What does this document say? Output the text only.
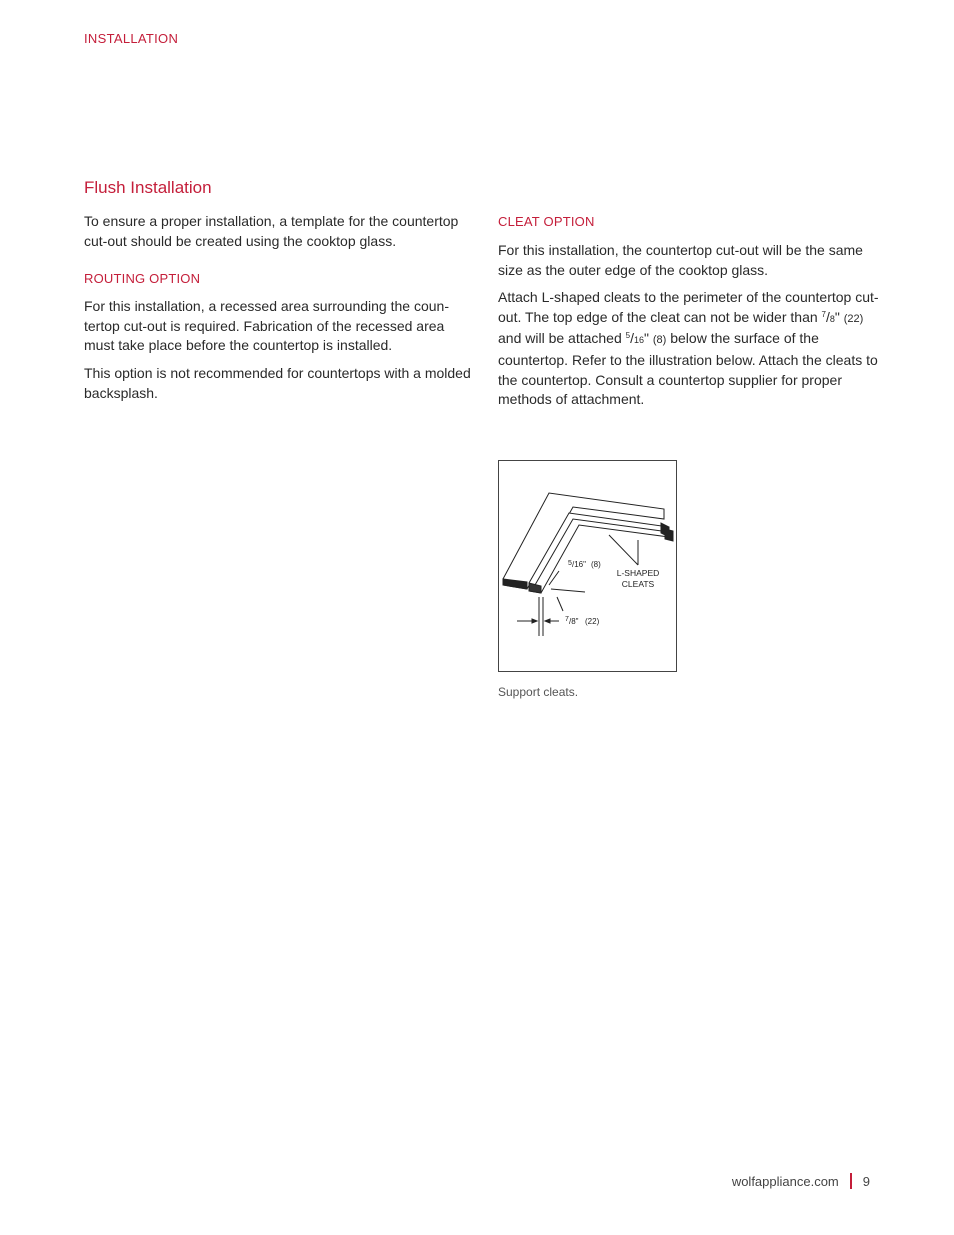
INSTALLATION
Flush Installation

To ensure a proper installation, a template for the countertop cut-out should be created using the cooktop glass.

ROUTING OPTION

For this installation, a recessed area surrounding the coun-tertop cut-out is required. Fabrication of the recessed area must take place before the countertop is installed.

This option is not recommended for countertops with a molded backsplash.

CLEAT OPTION

For this installation, the countertop cut-out will be the same size as the outer edge of the cooktop glass.

Attach L-shaped cleats to the perimeter of the countertop cut-out. The top edge of the cleat can not be wider than $^7$/8" (22) and will be attached $^5$/16" (8) below the surface of the countertop. Refer to the illustration below. Attach the cleats to the countertop. Consult a countertop supplier for proper methods of attachment.

5 /16" (8)
L-SHAPED
CLEATS
7 /8" (22)
Support cleats.
wolfappliance.com 9
